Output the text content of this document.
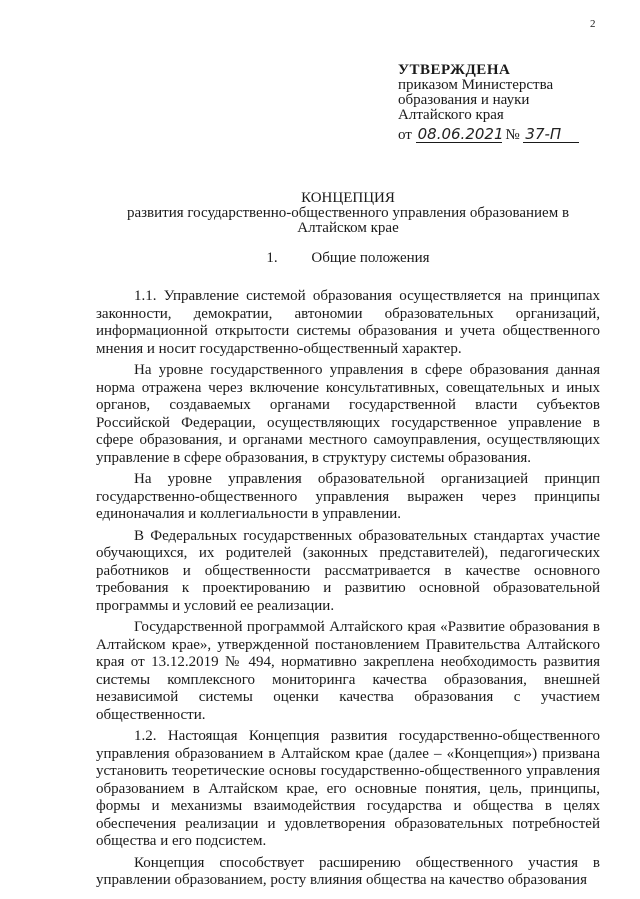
2
УТВЕРЖДЕНА
приказом Министерства образования и науки Алтайского края
от 08.06.2021 № 37-П
КОНЦЕПЦИЯ
развития государственно-общественного управления образованием в Алтайском крае
1. Общие положения

1.1. Управление системой образования осуществляется на принципах законности, демократии, автономии образовательных организаций, информационной открытости системы образования и учета общественного мнения и носит государственно-общественный характер.

На уровне государственного управления в сфере образования данная норма отражена через включение консультативных, совещательных и иных органов, создаваемых органами государственной власти субъектов Российской Федерации, осуществляющих государственное управление в сфере образования, и органами местного самоуправления, осуществляющих управление в сфере образования, в структуру системы образования.

На уровне управления образовательной организацией принцип государственно-общественного управления выражен через принципы единоначалия и коллегиальности в управлении.

В Федеральных государственных образовательных стандартах участие обучающихся, их родителей (законных представителей), педагогических работников и общественности рассматривается в качестве основного требования к проектированию и развитию основной образовательной программы и условий ее реализации.

Государственной программой Алтайского края «Развитие образования в Алтайском крае», утвержденной постановлением Правительства Алтайского края от 13.12.2019 № 494, нормативно закреплена необходимость развития системы комплексного мониторинга качества образования, внешней независимой системы оценки качества образования с участием общественности.

1.2. Настоящая Концепция развития государственно-общественного управления образованием в Алтайском крае (далее – «Концепция») призвана установить теоретические основы государственно-общественного управления образованием в Алтайском крае, его основные понятия, цель, принципы, формы и механизмы взаимодействия государства и общества в целях обеспечения реализации и удовлетворения образовательных потребностей общества и его подсистем.

Концепция способствует расширению общественного участия в управлении образованием, росту влияния общества на качество образования
